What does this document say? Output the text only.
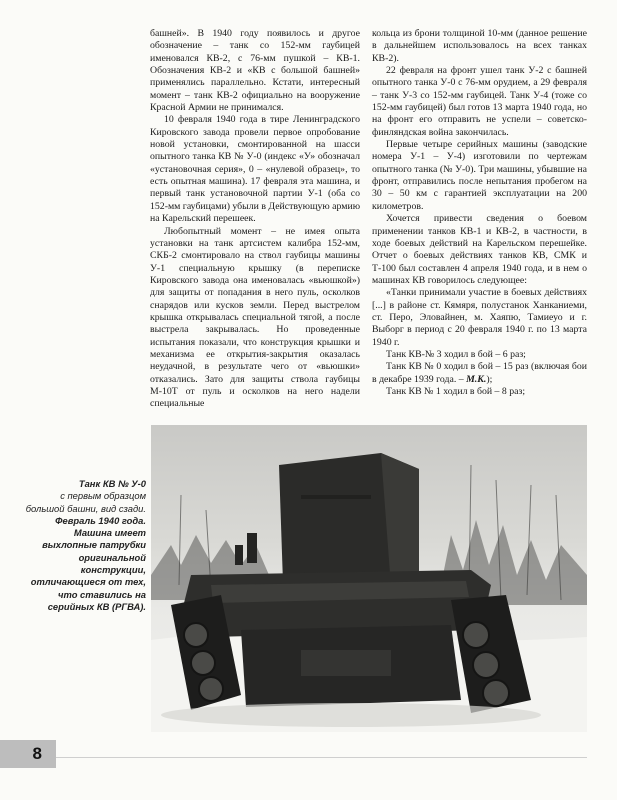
башней». В 1940 году появилось и другое обозначение – танк со 152-мм гаубицей именовался КВ-2, с 76-мм пушкой – КВ-1. Обозначения КВ-2 и «КВ с большой башней» применялись параллельно. Кстати, интересный момент – танк КВ-2 официально на вооружение Красной Армии не принимался.

10 февраля 1940 года в тире Ленинградского Кировского завода провели первое опробование новой установки, смонтированной на шасси опытного танка КВ № У-0 (индекс «У» обозначал «установочная серия», 0 – «нулевой образец», то есть опытная машина). 17 февраля эта машина, и первый танк установочной партии У-1 (оба со 152-мм гаубицами) убыли в Действующую армию на Карельский перешеек.

Любопытный момент – не имея опыта установки на танк артсистем калибра 152-мм, СКБ-2 смонтировало на ствол гаубицы машины У-1 специальную крышку (в переписке Кировского завода она именовалась «вьюшкой») для защиты от попадания в него пуль, осколков снарядов или кусков земли. Перед выстрелом крышка открывалась специальной тягой, а после выстрела закрывалась. Но проведенные испытания показали, что конструкция крышки и механизма ее открытия-закрытия оказалась неудачной, в результате чего от «вьюшки» отказались. Зато для защиты ствола гаубицы М-10Т от пуль и осколков на него надели специальные

кольца из брони толщиной 10-мм (данное решение в дальнейшем использовалось на всех танках КВ-2).

22 февраля на фронт ушел танк У-2 с башней опытного танка У-0 с 76-мм орудием, а 29 февраля – танк У-3 со 152-мм гаубицей. Танк У-4 (тоже со 152-мм гаубицей) был готов 13 марта 1940 года, но на фронт его отправить не успели – советско-финляндская война закончилась.

Первые четыре серийных машины (заводские номера У-1 – У-4) изготовили по чертежам опытного танка (№ У-0). Три машины, убывшие на фронт, отправились после непытания пробегом на 30 – 50 км с гарантией эксплуатации на 200 километров.

Хочется привести сведения о боевом применении танков КВ-1 и КВ-2, в частности, в ходе боевых действий на Карельском перешейке. Отчет о боевых действиях танков КВ, СМК и Т-100 был составлен 4 апреля 1940 года, и в нем о машинах КВ говорилось следующее:

«Танки принимали участие в боевых действиях [...] в районе ст. Кямяря, полустанок Ханканиеми, ст. Перо, Эловайнен, м. Хаяпю, Тамиеуо и г. Выборг в период с 20 февраля 1940 г. по 13 марта 1940 г.

Танк КВ-№ 3 ходил в бой – 6 раз;

Танк КВ № 0 ходил в бой – 15 раз (включая бои в декабре 1939 года. – М.К.);

Танк КВ № 1 ходил в бой – 8 раз;

Танк КВ № У-0
с первым образцом большой башни, вид сзади.
Февраль 1940 года.
Машина имеет выхлопные патрубки оригинальной конструкции, отличающиеся от тех, что ставились на серийных КВ (РГВА).
8
